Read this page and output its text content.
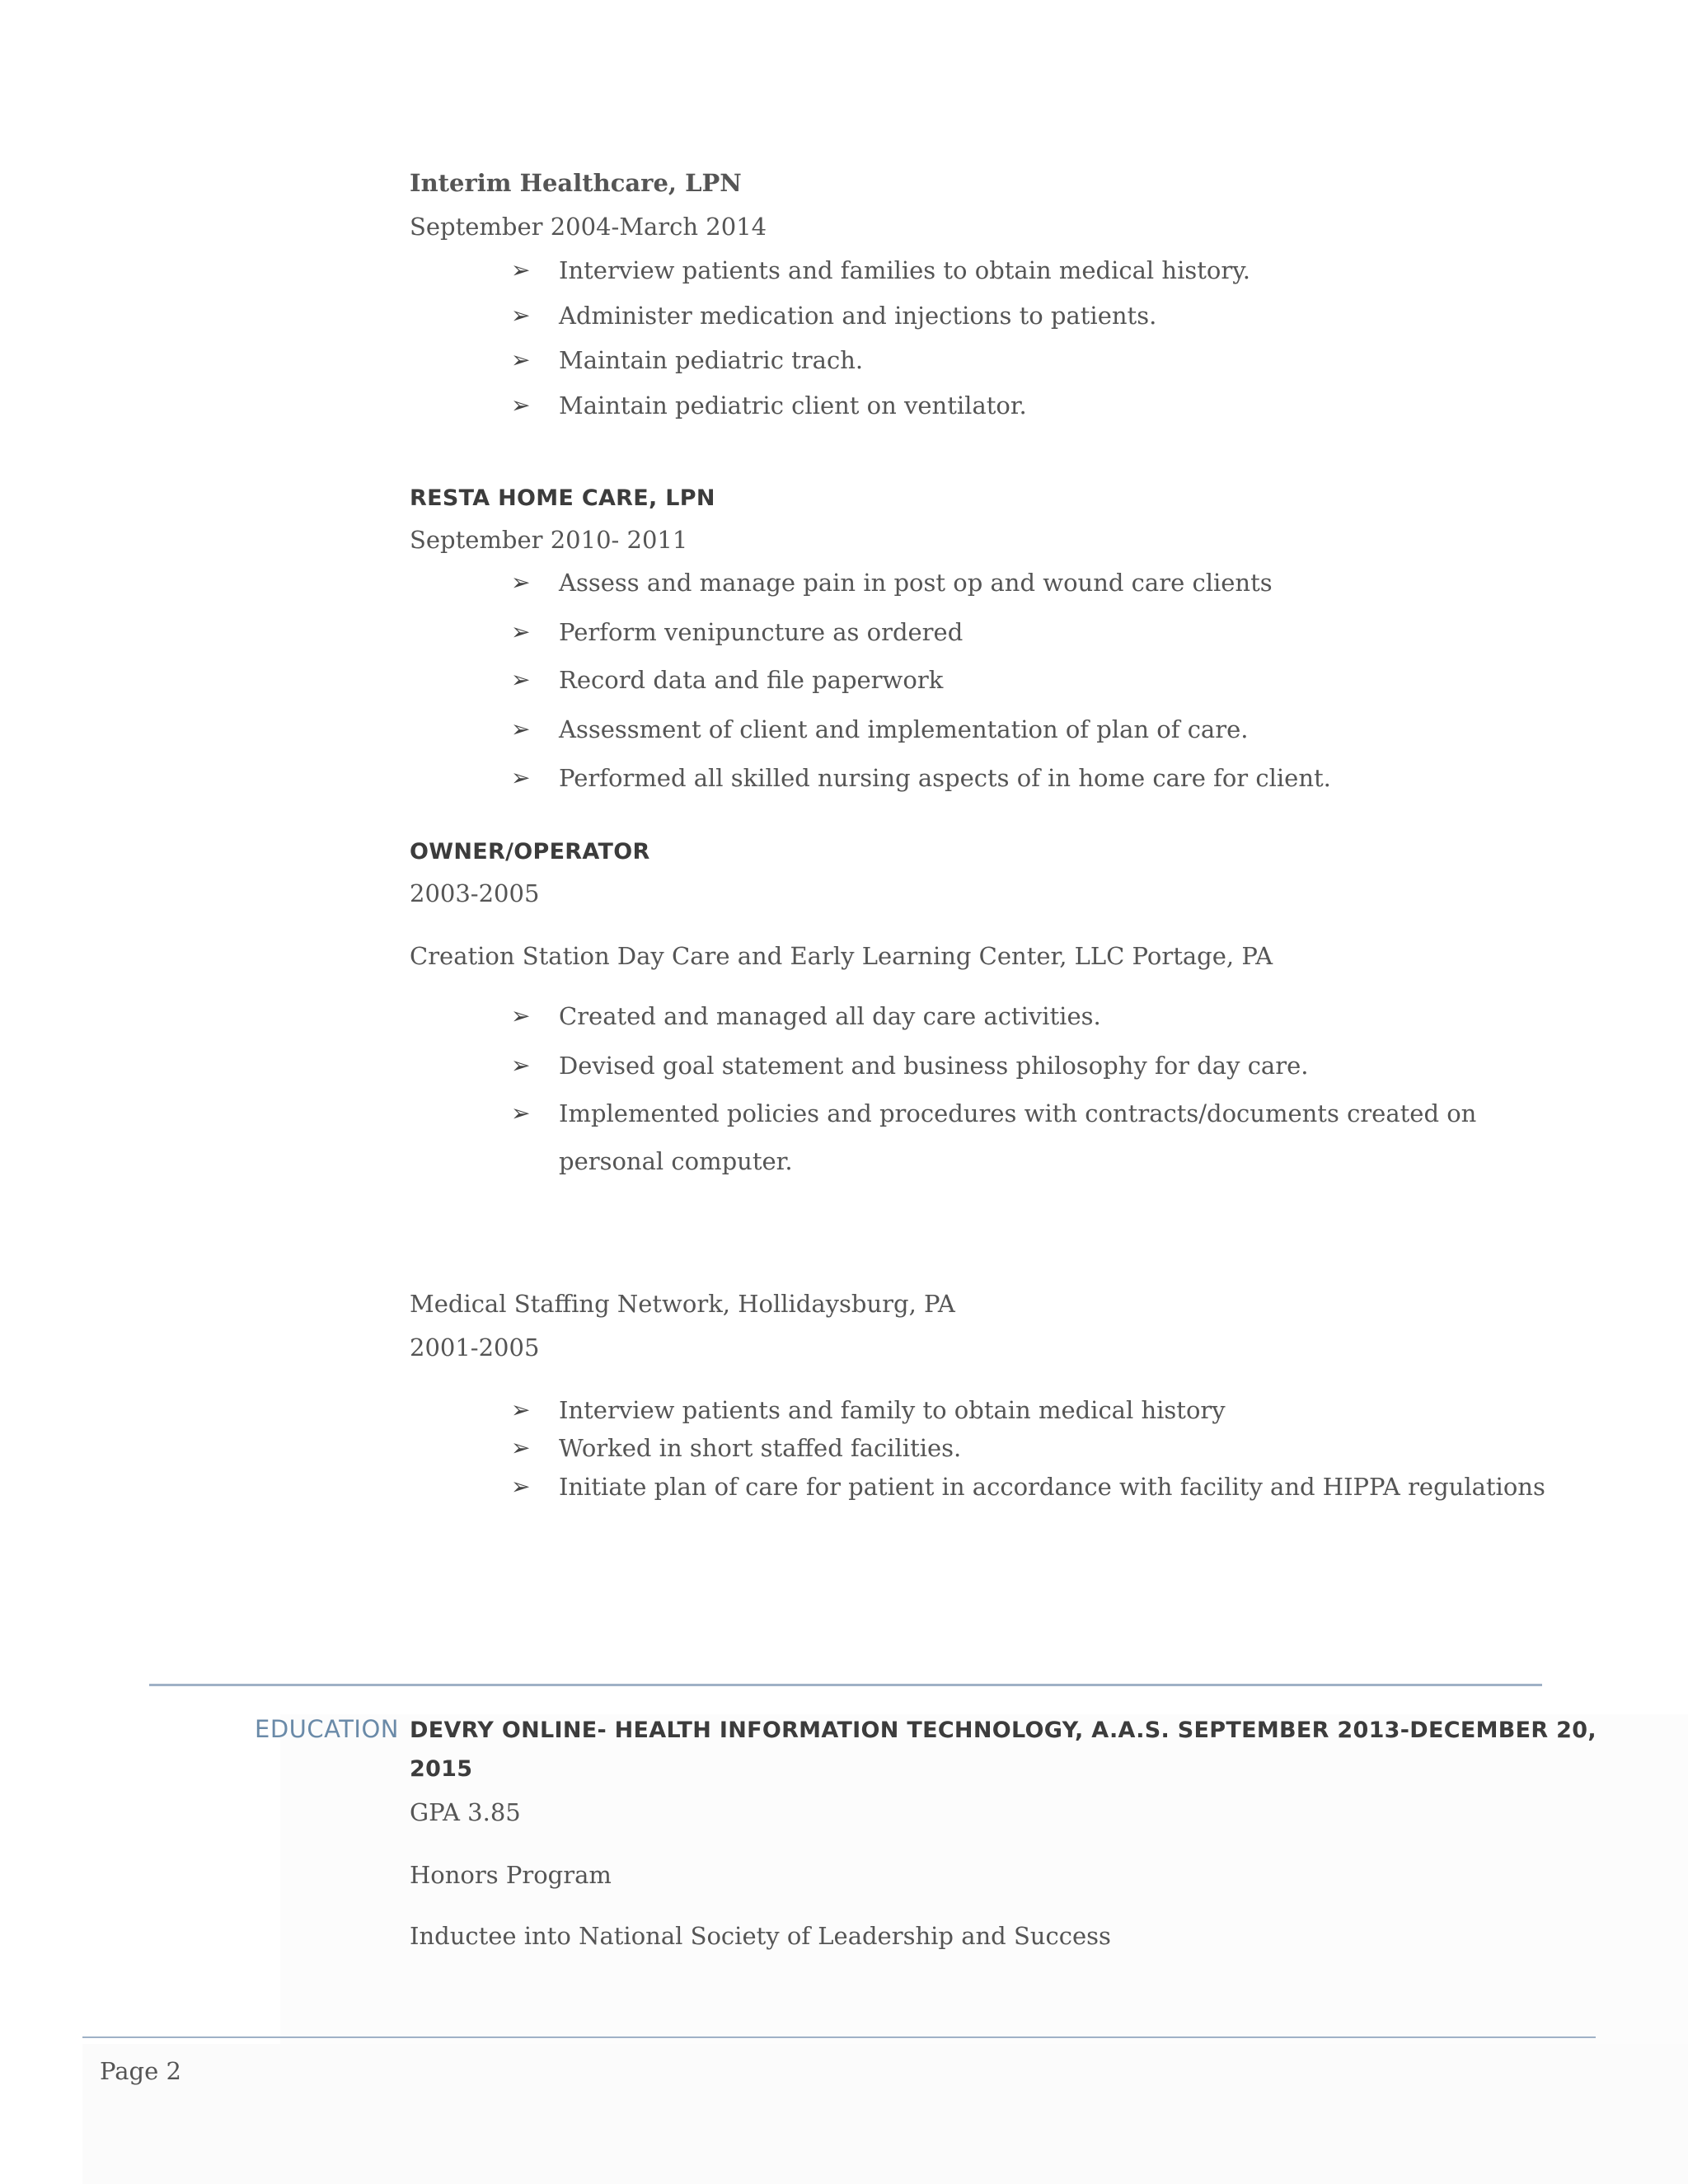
Interim Healthcare, LPN
September 2004-March 2014
➢ Interview patients and families to obtain medical history.
➢ Administer medication and injections to patients.
➢ Maintain pediatric trach.
➢ Maintain pediatric client on ventilator.
RESTA HOME CARE, LPN
September 2010- 2011
➢ Assess and manage pain in post op and wound care clients
➢ Perform venipuncture as ordered
➢ Record data and file paperwork
➢ Assessment of client and implementation of plan of care.
➢ Performed all skilled nursing aspects of in home care for client.
OWNER/OPERATOR
2003-2005
Creation Station Day Care and Early Learning Center, LLC Portage, PA
➢ Created and managed all day care activities.
➢ Devised goal statement and business philosophy for day care.
➢ Implemented policies and procedures with contracts/documents created on
personal computer.
Medical Staffing Network, Hollidaysburg, PA
2001-2005
➢ Interview patients and family to obtain medical history
➢ Worked in short staffed facilities.
➢ Initiate plan of care for patient in accordance with facility and HIPPA regulations
EDUCATION DEVRY ONLINE- HEALTH INFORMATION TECHNOLOGY, A.A.S. SEPTEMBER 2013-DECEMBER 20,
2015
GPA 3.85
Honors Program
Inductee into National Society of Leadership and Success
Page 2
